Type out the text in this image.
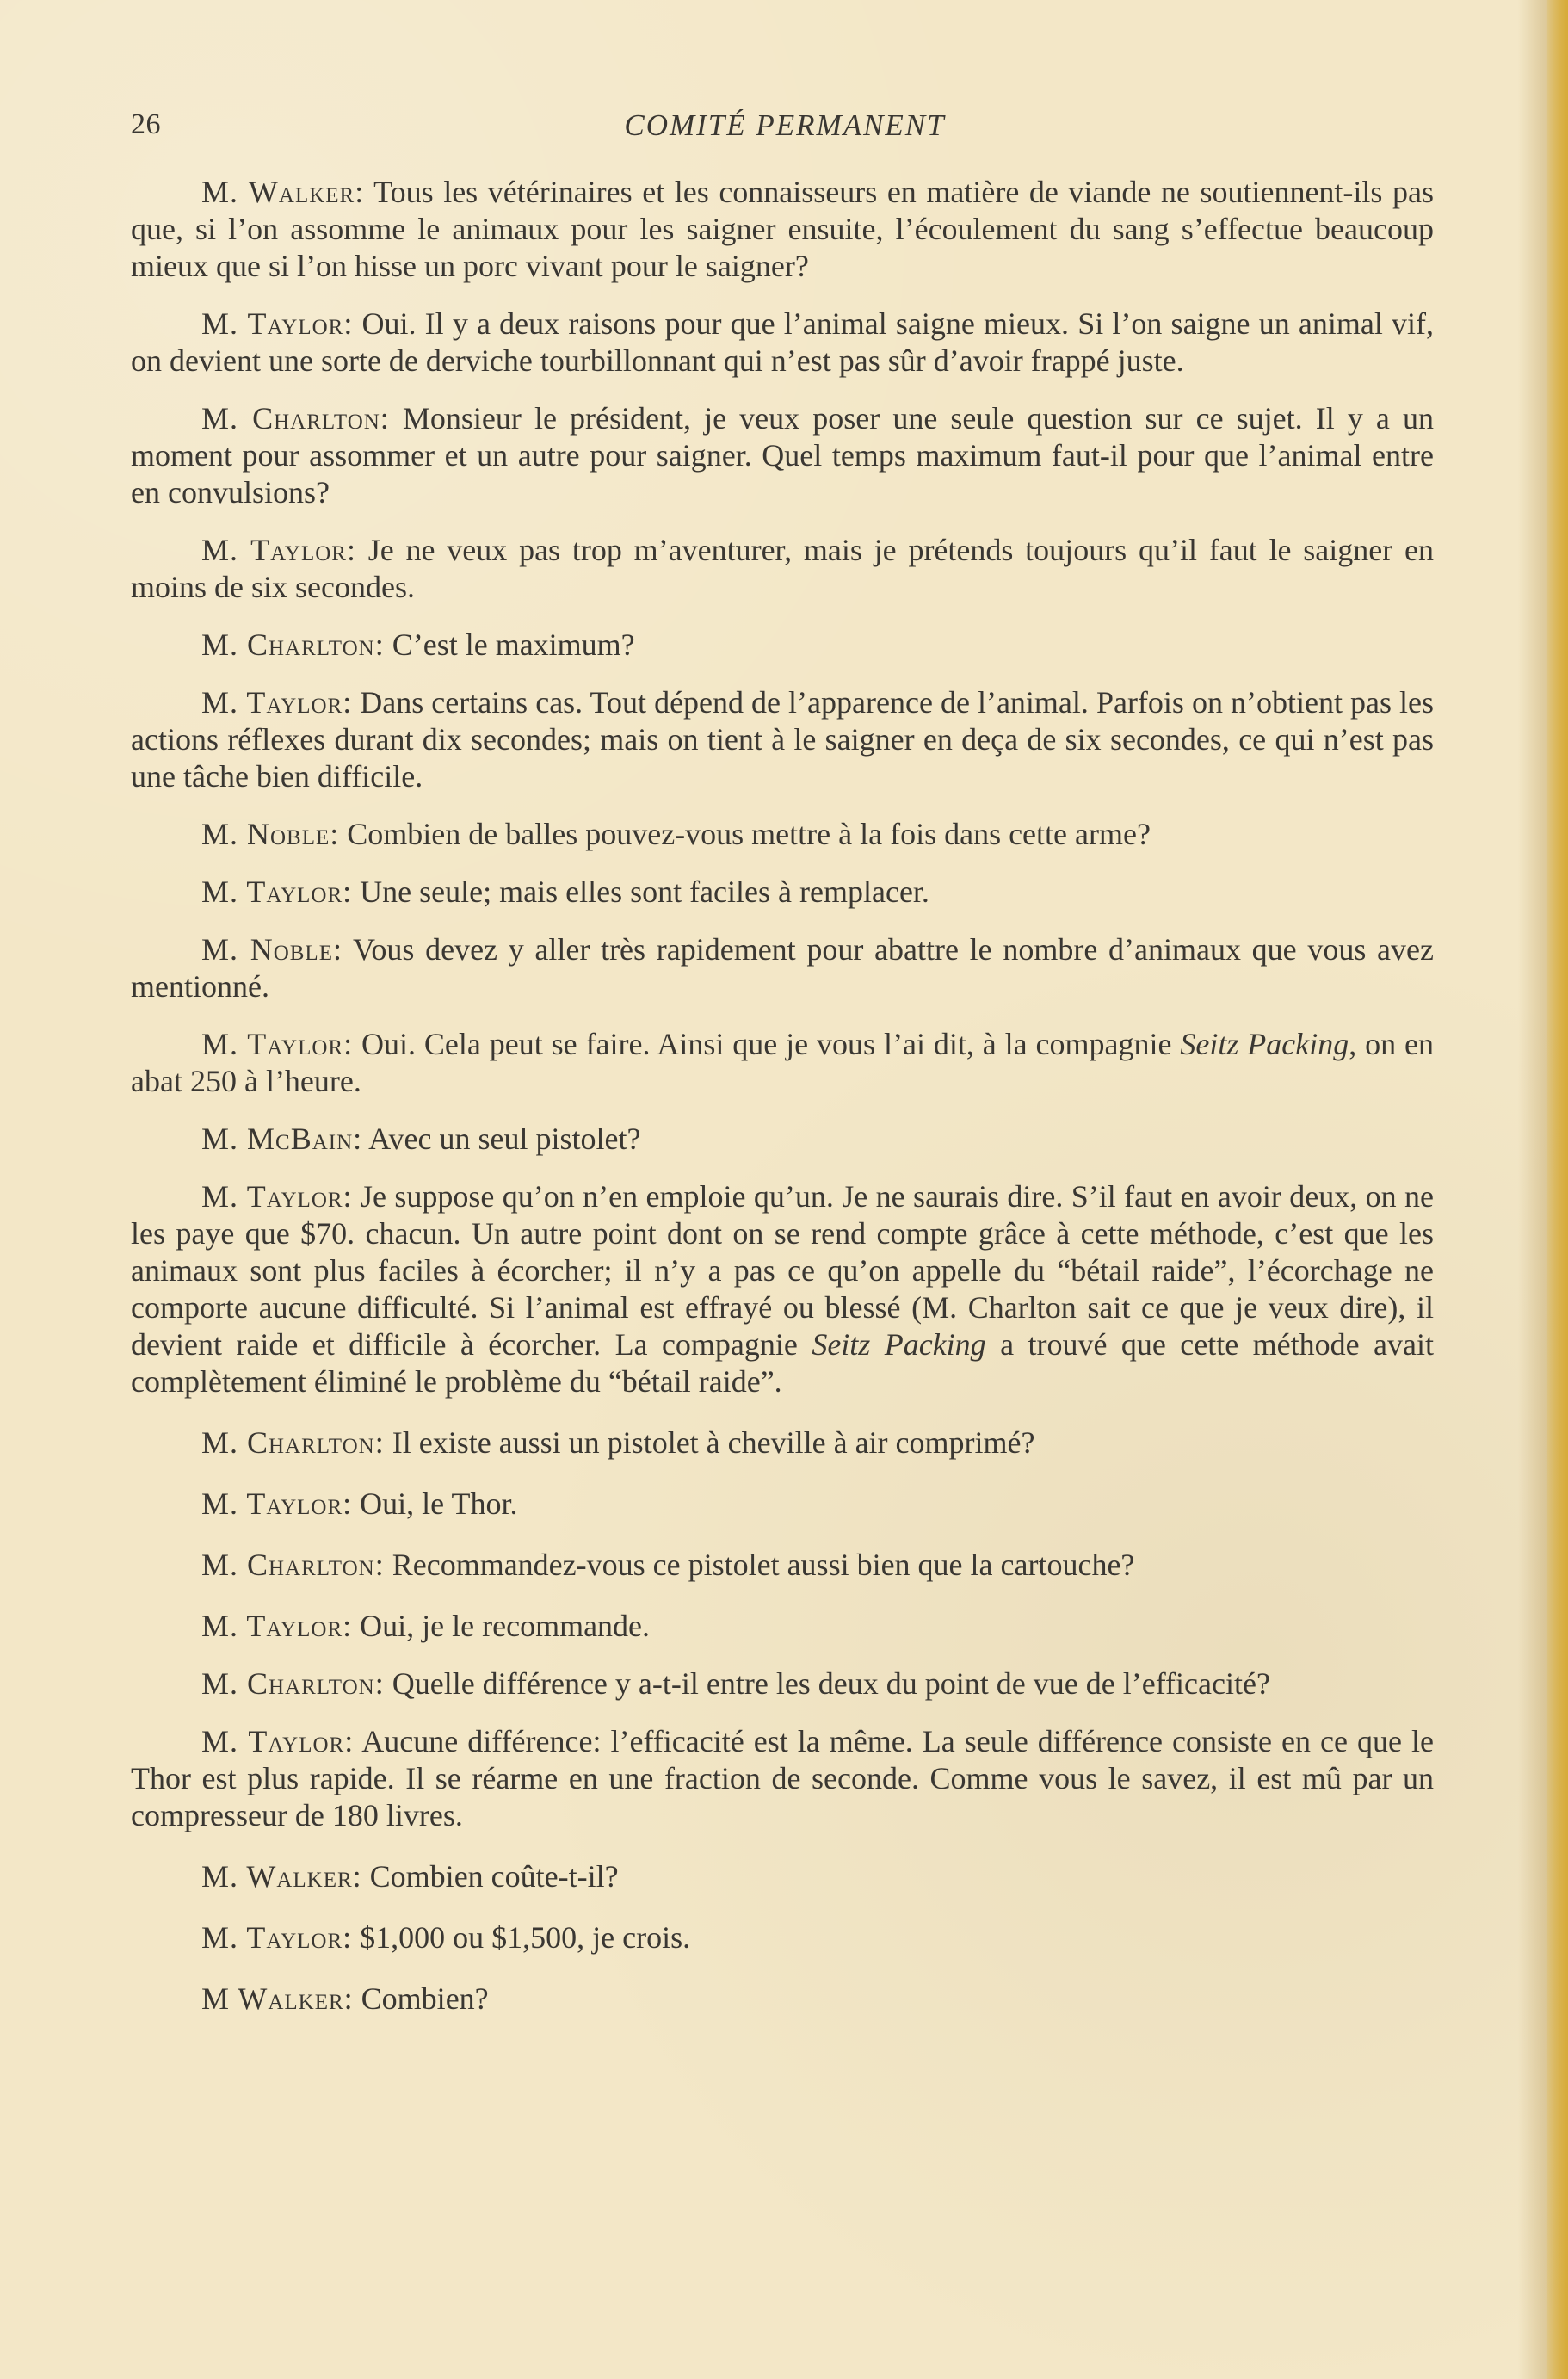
26	COMITÉ PERMANENT

M. Walker: Tous les vétérinaires et les connaisseurs en matière de viande ne soutiennent-ils pas que, si l’on assomme le animaux pour les saigner ensuite, l’écoulement du sang s’effectue beaucoup mieux que si l’on hisse un porc vivant pour le saigner?

M. Taylor: Oui. Il y a deux raisons pour que l’animal saigne mieux. Si l’on saigne un animal vif, on devient une sorte de derviche tourbillonnant qui n’est pas sûr d’avoir frappé juste.

M. Charlton: Monsieur le président, je veux poser une seule question sur ce sujet. Il y a un moment pour assommer et un autre pour saigner. Quel temps maximum faut-il pour que l’animal entre en convulsions?

M. Taylor: Je ne veux pas trop m’aventurer, mais je prétends toujours qu’il faut le saigner en moins de six secondes.

M. Charlton: C’est le maximum?

M. Taylor: Dans certains cas. Tout dépend de l’apparence de l’animal. Parfois on n’obtient pas les actions réflexes durant dix secondes; mais on tient à le saigner en deça de six secondes, ce qui n’est pas une tâche bien difficile.

M. Noble: Combien de balles pouvez-vous mettre à la fois dans cette arme?

M. Taylor: Une seule; mais elles sont faciles à remplacer.

M. Noble: Vous devez y aller très rapidement pour abattre le nombre d’animaux que vous avez mentionné.

M. Taylor: Oui. Cela peut se faire. Ainsi que je vous l’ai dit, à la compagnie Seitz Packing, on en abat 250 à l’heure.

M. McBain: Avec un seul pistolet?

M. Taylor: Je suppose qu’on n’en emploie qu’un. Je ne saurais dire. S’il faut en avoir deux, on ne les paye que $70. chacun. Un autre point dont on se rend compte grâce à cette méthode, c’est que les animaux sont plus faciles à écorcher; il n’y a pas ce qu’on appelle du “bétail raide”, l’écorchage ne comporte aucune difficulté. Si l’animal est effrayé ou blessé (M. Charlton sait ce que je veux dire), il devient raide et difficile à écorcher. La compagnie Seitz Packing a trouvé que cette méthode avait complètement éliminé le problème du “bétail raide”.

M. Charlton: Il existe aussi un pistolet à cheville à air comprimé?

M. Taylor: Oui, le Thor.

M. Charlton: Recommandez-vous ce pistolet aussi bien que la cartouche?

M. Taylor: Oui, je le recommande.

M. Charlton: Quelle différence y a-t-il entre les deux du point de vue de l’efficacité?

M. Taylor: Aucune différence: l’efficacité est la même. La seule différence consiste en ce que le Thor est plus rapide. Il se réarme en une fraction de seconde. Comme vous le savez, il est mû par un compresseur de 180 livres.

M. Walker: Combien coûte-t-il?

M. Taylor: $1,000 ou $1,500, je crois.

M Walker: Combien?
